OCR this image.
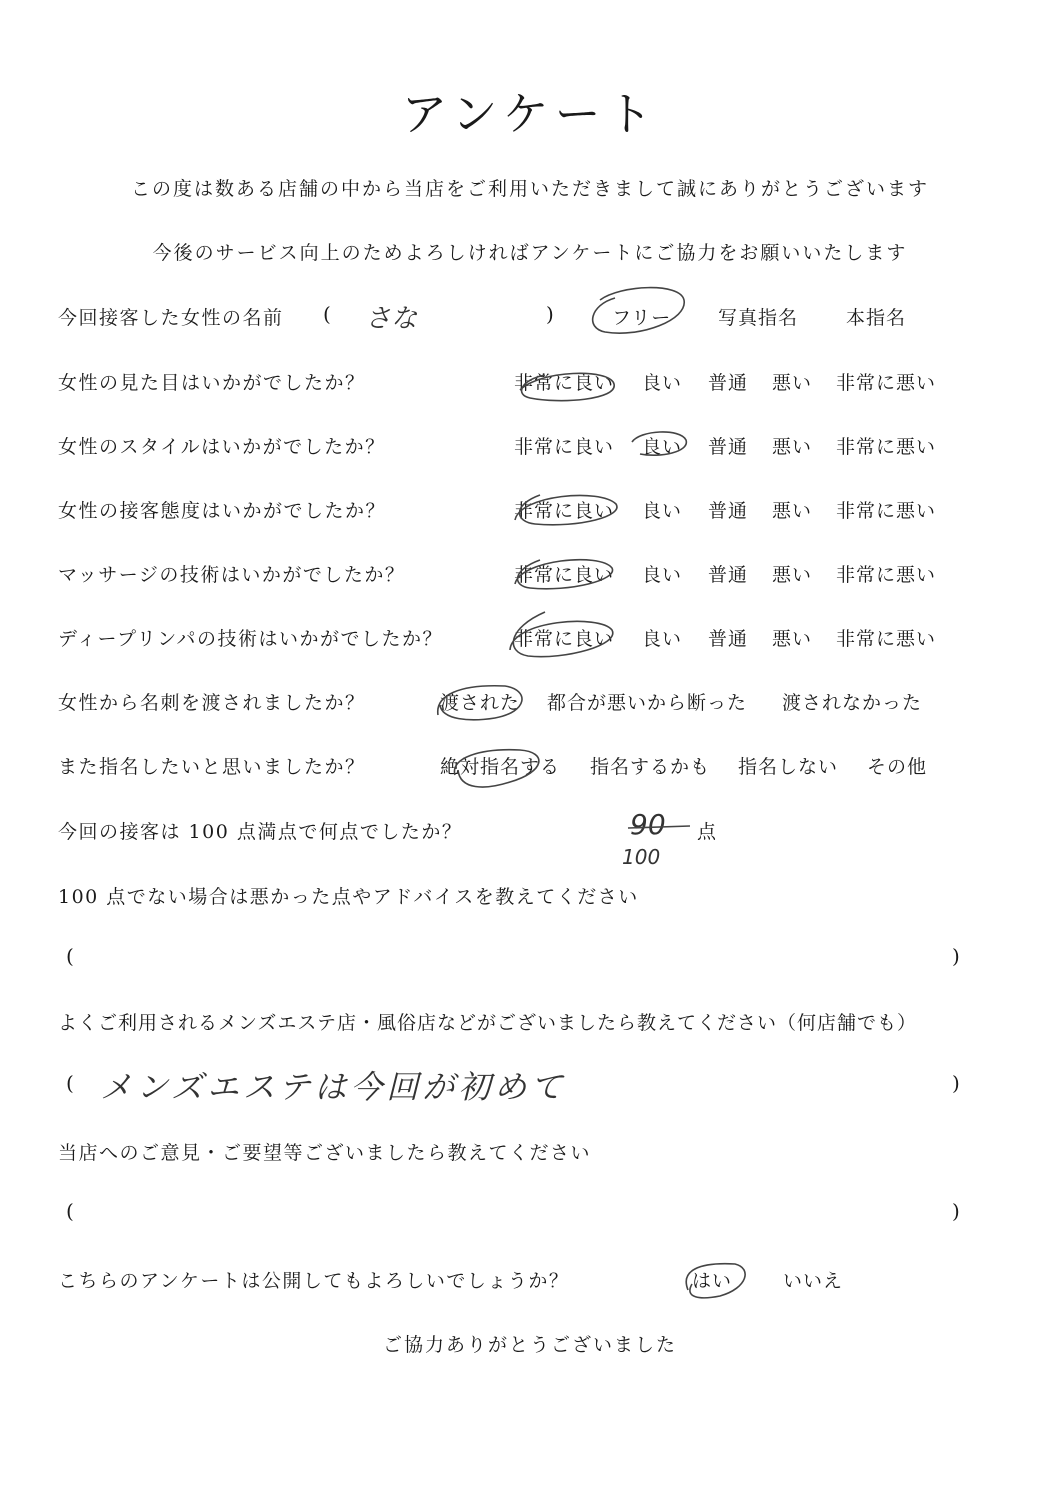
アンケート
この度は数ある店舗の中から当店をご利用いただきまして誠にありがとうございます
今後のサービス向上のためよろしければアンケートにご協力をお願いいたします
今回接客した女性の名前 ( さな	)	フリー 写真指名	本指名
女性の見た目はいかがでしたか？	非常に良い 良い 普通 悪い 非常に悪い
女性のスタイルはいかがでしたか？	非常に良い 良い 普通 悪い 非常に悪い
女性の接客態度はいかがでしたか？	非常に良い 良い 普通 悪い 非常に悪い
マッサージの技術はいかがでしたか？	非常に良い 良い 普通 悪い 非常に悪い
ディープリンパの技術はいかがでしたか？	非常に良い 良い 普通 悪い 非常に悪い
女性から名刺を渡されましたか？	渡された 都合が悪いから断った 渡されなかった
また指名したいと思いましたか？	絶対指名する 指名するかも 指名しない その他
今回の接客は 100 点満点で何点でしたか？	90 点
100
100 点でない場合は悪かった点やアドバイスを教えてください
(	)
よくご利用されるメンズエステ店・風俗店などがございましたら教えてください（何店舗でも）
( メンズエステは今回が初めて	)
当店へのご意見・ご要望等ございましたら教えてください
(	)
こちらのアンケートは公開してもよろしいでしょうか？	はい	いいえ
ご協力ありがとうございました
